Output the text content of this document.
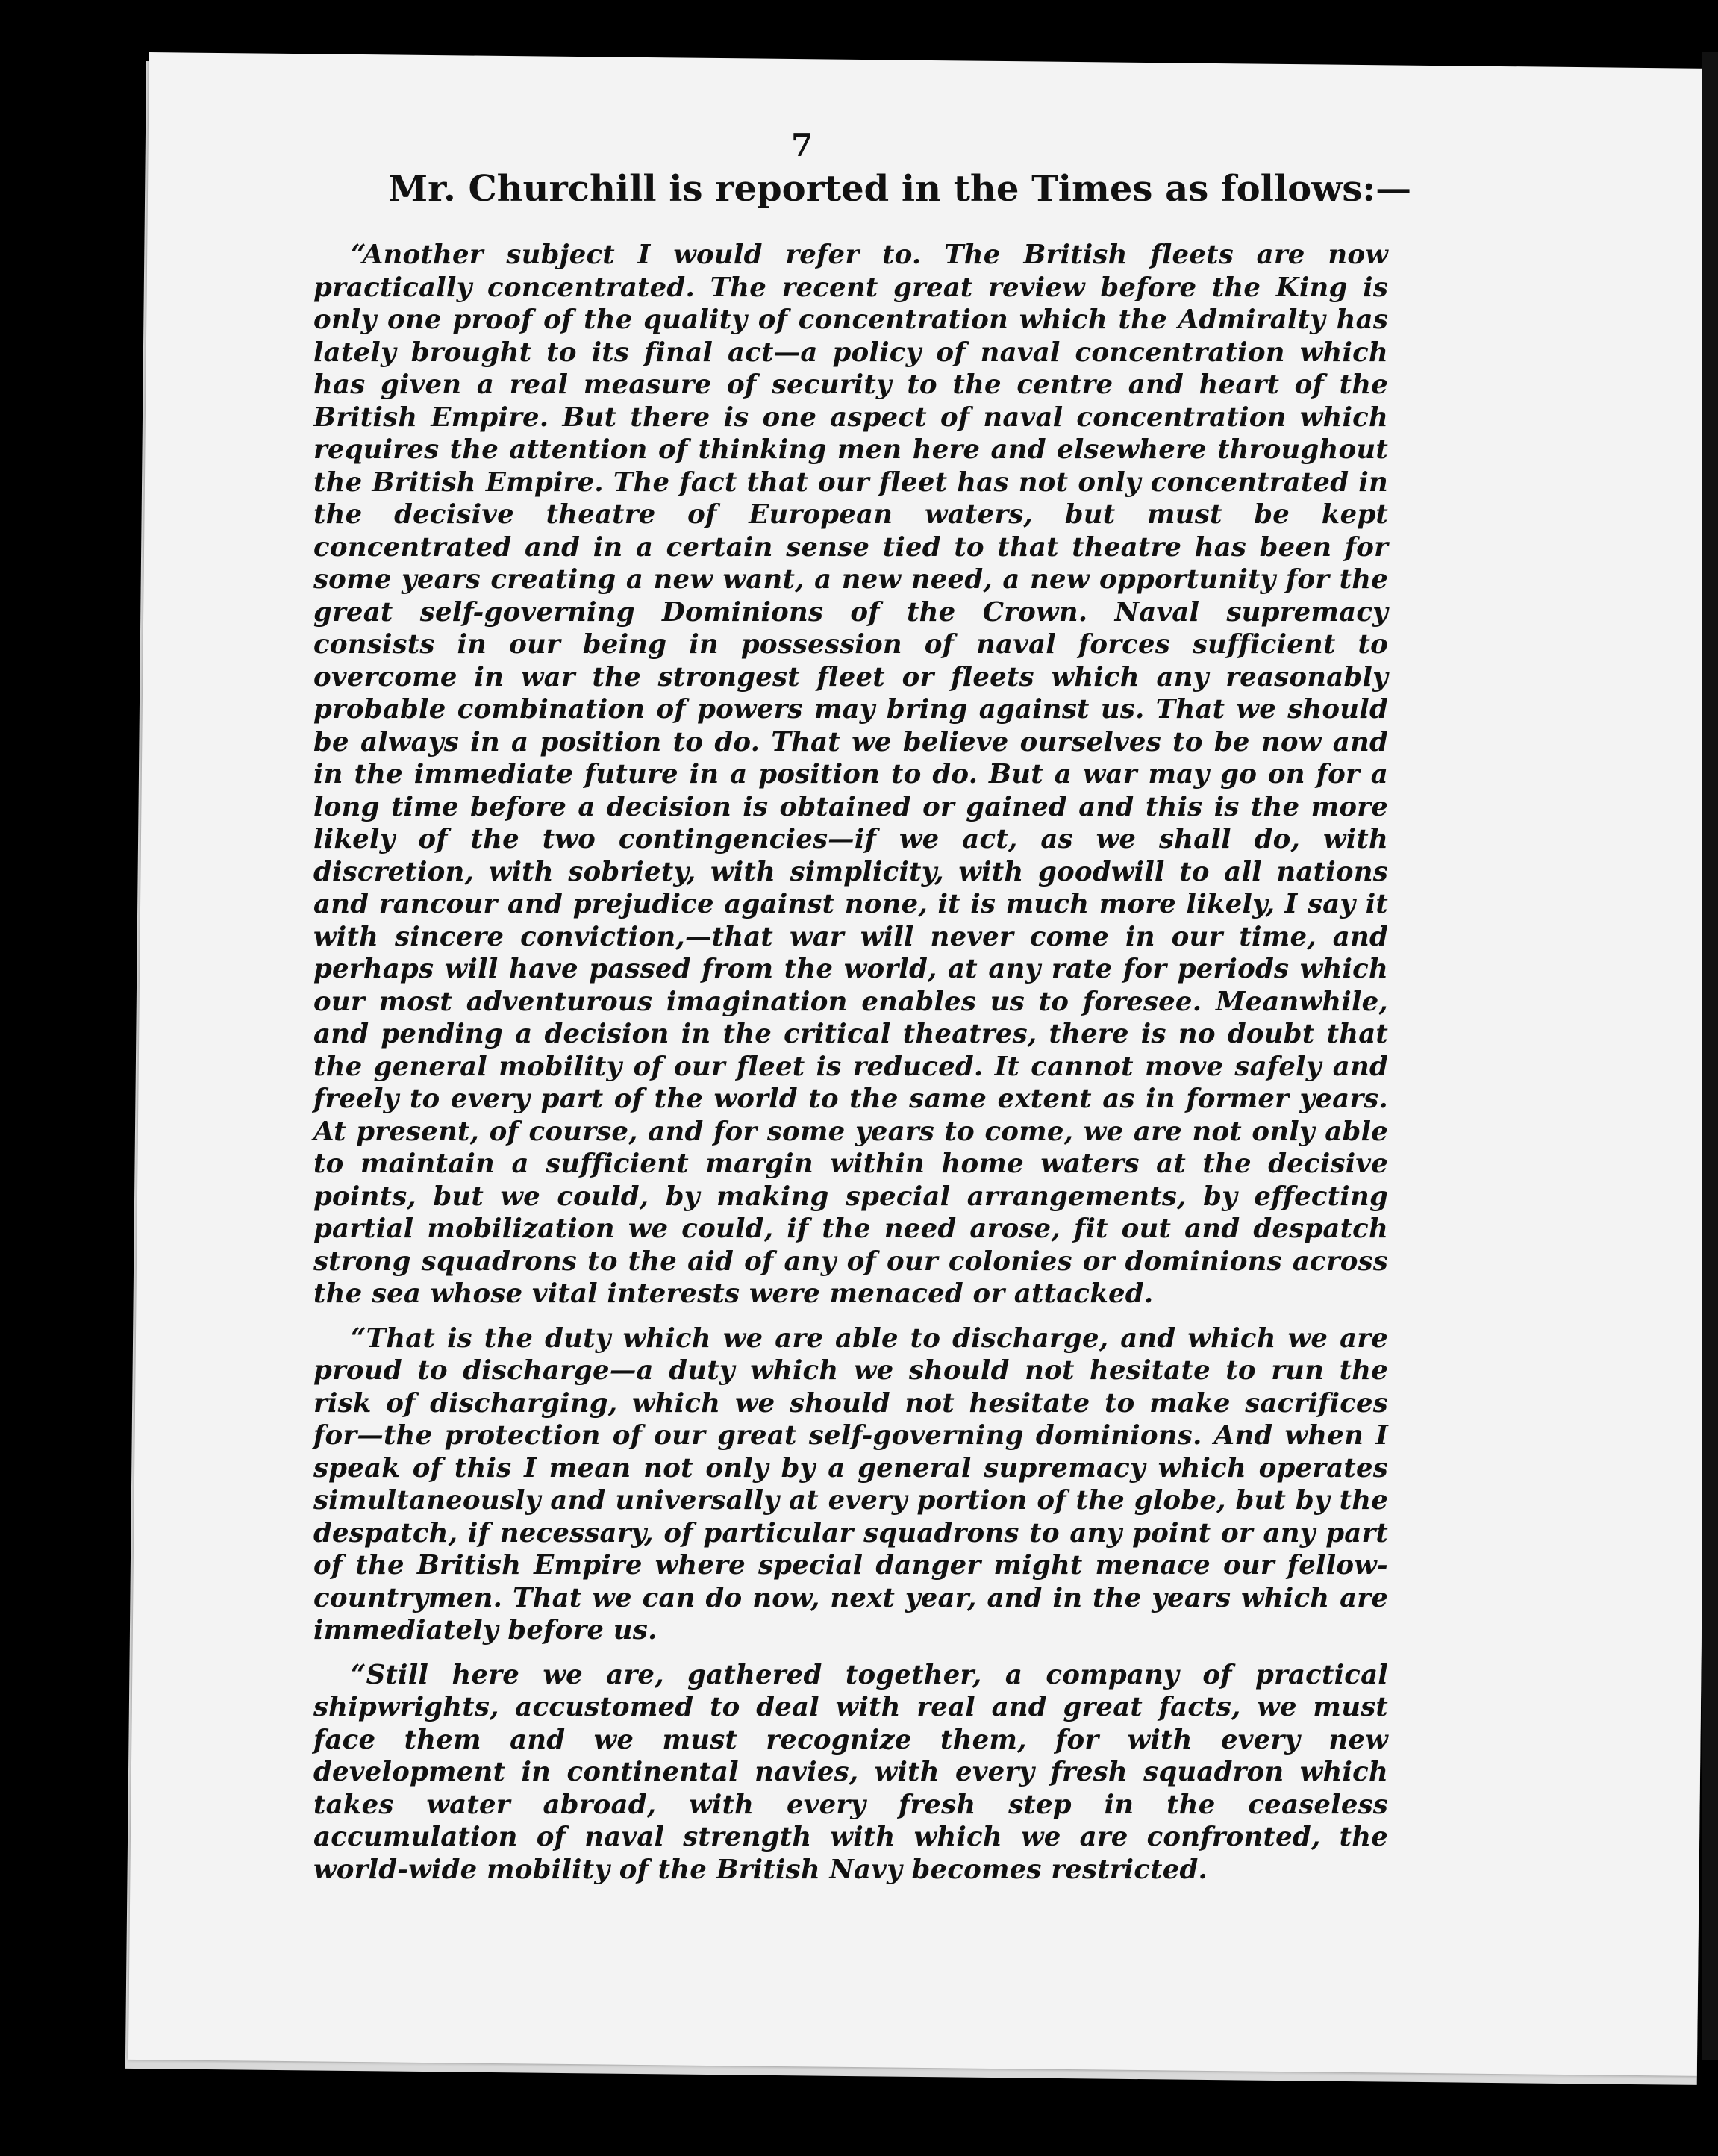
7

Mr. Churchill is reported in the Times as follows:—

“Another subject I would refer to. The British fleets are now practically concentrated. The recent great review before the King is only one proof of the quality of concentration which the Admiralty has lately brought to its final act—a policy of naval concentration which has given a real measure of security to the centre and heart of the British Empire. But there is one aspect of naval concentration which requires the attention of thinking men here and elsewhere throughout the British Empire. The fact that our fleet has not only concentrated in the decisive theatre of European waters, but must be kept concentrated and in a certain sense tied to that theatre has been for some years creating a new want, a new need, a new opportunity for the great self-governing Dominions of the Crown. Naval supremacy consists in our being in possession of naval forces sufficient to overcome in war the strongest fleet or fleets which any reasonably probable combination of powers may bring against us. That we should be always in a position to do. That we believe ourselves to be now and in the immediate future in a position to do. But a war may go on for a long time before a decision is obtained or gained and this is the more likely of the two contingencies—if we act, as we shall do, with discretion, with sobriety, with simplicity, with goodwill to all nations and rancour and prejudice against none, it is much more likely, I say it with sincere conviction,—that war will never come in our time, and perhaps will have passed from the world, at any rate for periods which our most adventurous imagination enables us to foresee. Meanwhile, and pending a decision in the critical theatres, there is no doubt that the general mobility of our fleet is reduced. It cannot move safely and freely to every part of the world to the same extent as in former years. At present, of course, and for some years to come, we are not only able to maintain a sufficient margin within home waters at the decisive points, but we could, by making special arrangements, by effecting partial mobilization we could, if the need arose, fit out and despatch strong squadrons to the aid of any of our colonies or dominions across the sea whose vital interests were menaced or attacked.

“That is the duty which we are able to discharge, and which we are proud to discharge—a duty which we should not hesitate to run the risk of discharging, which we should not hesitate to make sacrifices for—the protection of our great self-governing dominions. And when I speak of this I mean not only by a general supremacy which operates simultaneously and universally at every portion of the globe, but by the despatch, if necessary, of particular squadrons to any point or any part of the British Empire where special danger might menace our fellow-countrymen. That we can do now, next year, and in the years which are immediately before us.

“Still here we are, gathered together, a company of practical shipwrights, accustomed to deal with real and great facts, we must face them and we must recognize them, for with every new development in continental navies, with every fresh squadron which takes water abroad, with every fresh step in the ceaseless accumulation of naval strength with which we are confronted, the world-wide mobility of the British Navy becomes restricted.
